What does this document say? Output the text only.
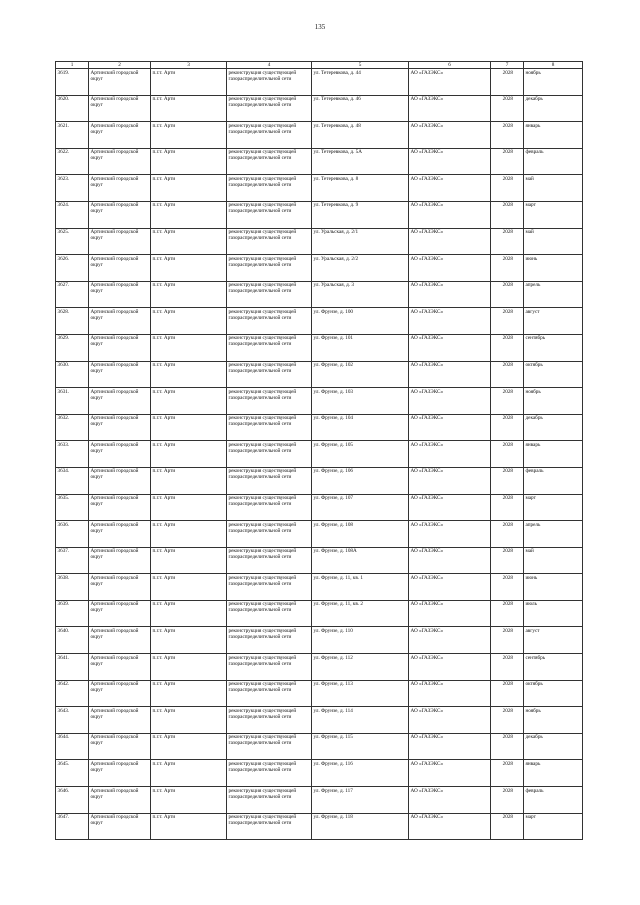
135
1	2	3	4	5	6	7	8
3619.	Артинский городской округ	п.г.т. Арти	реконструкция существующей газораспределительной сети	ул. Тетеревкова, д. 44	АО «ГАЗЭКС»	2028	ноябрь
3620.	Артинский городской округ	п.г.т. Арти	реконструкция существующей газораспределительной сети	ул. Тетеревкова, д. 46	АО «ГАЗЭКС»	2028	декабрь
3621.	Артинский городской округ	п.г.т. Арти	реконструкция существующей газораспределительной сети	ул. Тетеревкова, д. 48	АО «ГАЗЭКС»	2028	январь
3622.	Артинский городской округ	п.г.т. Арти	реконструкция существующей газораспределительной сети	ул. Тетеревкова, д. 5А	АО «ГАЗЭКС»	2028	февраль
3623.	Артинский городской округ	п.г.т. Арти	реконструкция существующей газораспределительной сети	ул. Тетеревкова, д. 8	АО «ГАЗЭКС»	2028	май
3624.	Артинский городской округ	п.г.т. Арти	реконструкция существующей газораспределительной сети	ул. Тетеревкова, д. 9	АО «ГАЗЭКС»	2028	март
3625.	Артинский городской округ	п.г.т. Арти	реконструкция существующей газораспределительной сети	ул. Уральская, д. 2/1	АО «ГАЗЭКС»	2028	май
3626.	Артинский городской округ	п.г.т. Арти	реконструкция существующей газораспределительной сети	ул. Уральская, д. 2/2	АО «ГАЗЭКС»	2028	июнь
3627.	Артинский городской округ	п.г.т. Арти	реконструкция существующей газораспределительной сети	ул. Уральская, д. 3	АО «ГАЗЭКС»	2028	апрель
3628.	Артинский городской округ	п.г.т. Арти	реконструкция существующей газораспределительной сети	ул. Фрунзе, д. 100	АО «ГАЗЭКС»	2028	август
3629.	Артинский городской округ	п.г.т. Арти	реконструкция существующей газораспределительной сети	ул. Фрунзе, д. 101	АО «ГАЗЭКС»	2028	сентябрь
3630.	Артинский городской округ	п.г.т. Арти	реконструкция существующей газораспределительной сети	ул. Фрунзе, д. 102	АО «ГАЗЭКС»	2028	октябрь
3631.	Артинский городской округ	п.г.т. Арти	реконструкция существующей газораспределительной сети	ул. Фрунзе, д. 103	АО «ГАЗЭКС»	2028	ноябрь
3632.	Артинский городской округ	п.г.т. Арти	реконструкция существующей газораспределительной сети	ул. Фрунзе, д. 104	АО «ГАЗЭКС»	2028	декабрь
3633.	Артинский городской округ	п.г.т. Арти	реконструкция существующей газораспределительной сети	ул. Фрунзе, д. 105	АО «ГАЗЭКС»	2028	январь
3634.	Артинский городской округ	п.г.т. Арти	реконструкция существующей газораспределительной сети	ул. Фрунзе, д. 106	АО «ГАЗЭКС»	2028	февраль
3635.	Артинский городской округ	п.г.т. Арти	реконструкция существующей газораспределительной сети	ул. Фрунзе, д. 107	АО «ГАЗЭКС»	2028	март
3636.	Артинский городской округ	п.г.т. Арти	реконструкция существующей газораспределительной сети	ул. Фрунзе, д. 108	АО «ГАЗЭКС»	2028	апрель
3637.	Артинский городской округ	п.г.т. Арти	реконструкция существующей газораспределительной сети	ул. Фрунзе, д. 108А	АО «ГАЗЭКС»	2028	май
3638.	Артинский городской округ	п.г.т. Арти	реконструкция существующей газораспределительной сети	ул. Фрунзе, д. 11, кв. 1	АО «ГАЗЭКС»	2028	июнь
3639.	Артинский городской округ	п.г.т. Арти	реконструкция существующей газораспределительной сети	ул. Фрунзе, д. 11, кв. 2	АО «ГАЗЭКС»	2028	июль
3640.	Артинский городской округ	п.г.т. Арти	реконструкция существующей газораспределительной сети	ул. Фрунзе, д. 110	АО «ГАЗЭКС»	2028	август
3641.	Артинский городской округ	п.г.т. Арти	реконструкция существующей газораспределительной сети	ул. Фрунзе, д. 112	АО «ГАЗЭКС»	2028	сентябрь
3642.	Артинский городской округ	п.г.т. Арти	реконструкция существующей газораспределительной сети	ул. Фрунзе, д. 113	АО «ГАЗЭКС»	2028	октябрь
3643.	Артинский городской округ	п.г.т. Арти	реконструкция существующей газораспределительной сети	ул. Фрунзе, д. 114	АО «ГАЗЭКС»	2028	ноябрь
3644.	Артинский городской округ	п.г.т. Арти	реконструкция существующей газораспределительной сети	ул. Фрунзе, д. 115	АО «ГАЗЭКС»	2028	декабрь
3645.	Артинский городской округ	п.г.т. Арти	реконструкция существующей газораспределительной сети	ул. Фрунзе, д. 116	АО «ГАЗЭКС»	2028	январь
3646.	Артинский городской округ	п.г.т. Арти	реконструкция существующей газораспределительной сети	ул. Фрунзе, д. 117	АО «ГАЗЭКС»	2028	февраль
3647.	Артинский городской округ	п.г.т. Арти	реконструкция существующей газораспределительной сети	ул. Фрунзе, д. 118	АО «ГАЗЭКС»	2028	март
